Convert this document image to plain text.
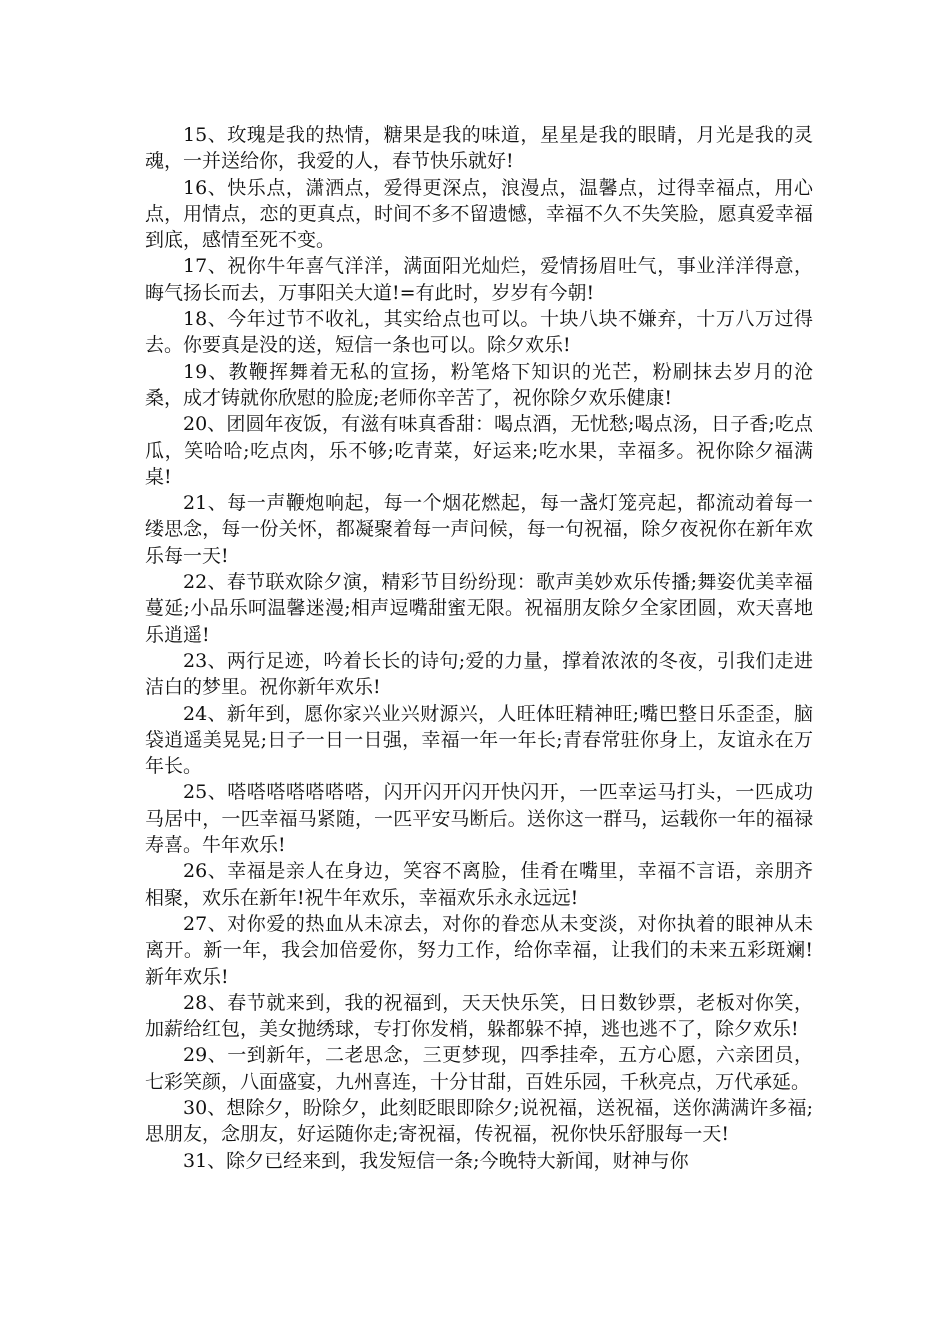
15、玫瑰是我的热情，糖果是我的味道，星星是我的眼睛，月光是我的灵魂，一并送给你，我爱的人，春节快乐就好!

16、快乐点，潇洒点，爱得更深点，浪漫点，温馨点，过得幸福点，用心点，用情点，恋的更真点，时间不多不留遗憾，幸福不久不失笑脸，愿真爱幸福到底，感情至死不变。

17、祝你牛年喜气洋洋，满面阳光灿烂，爱情扬眉吐气，事业洋洋得意，晦气扬长而去，万事阳关大道!=有此时，岁岁有今朝!

18、今年过节不收礼，其实给点也可以。十块八块不嫌弃，十万八万过得去。你要真是没的送，短信一条也可以。除夕欢乐!

19、教鞭挥舞着无私的宣扬，粉笔烙下知识的光芒，粉刷抹去岁月的沧桑，成才铸就你欣慰的脸庞;老师你辛苦了，祝你除夕欢乐健康!

20、团圆年夜饭，有滋有味真香甜：喝点酒，无忧愁;喝点汤，日子香;吃点瓜，笑哈哈;吃点肉，乐不够;吃青菜，好运来;吃水果，幸福多。祝你除夕福满桌!

21、每一声鞭炮响起，每一个烟花燃起，每一盏灯笼亮起，都流动着每一缕思念，每一份关怀，都凝聚着每一声问候，每一句祝福，除夕夜祝你在新年欢乐每一天!

22、春节联欢除夕演，精彩节目纷纷现：歌声美妙欢乐传播;舞姿优美幸福蔓延;小品乐呵温馨迷漫;相声逗嘴甜蜜无限。祝福朋友除夕全家团圆，欢天喜地乐逍遥!

23、两行足迹，吟着长长的诗句;爱的力量，撑着浓浓的冬夜，引我们走进洁白的梦里。祝你新年欢乐!

24、新年到，愿你家兴业兴财源兴，人旺体旺精神旺;嘴巴整日乐歪歪，脑袋逍遥美晃晃;日子一日一日强，幸福一年一年长;青春常驻你身上，友谊永在万年长。

25、嗒嗒嗒嗒嗒嗒嗒，闪开闪开闪开快闪开，一匹幸运马打头，一匹成功马居中，一匹幸福马紧随，一匹平安马断后。送你这一群马，运载你一年的福禄寿喜。牛年欢乐!

26、幸福是亲人在身边，笑容不离脸，佳肴在嘴里，幸福不言语，亲朋齐相聚，欢乐在新年!祝牛年欢乐，幸福欢乐永永远远!

27、对你爱的热血从未凉去，对你的眷恋从未变淡，对你执着的眼神从未离开。新一年，我会加倍爱你，努力工作，给你幸福，让我们的未来五彩斑斓!新年欢乐!

28、春节就来到，我的祝福到，天天快乐笑，日日数钞票，老板对你笑，加薪给红包，美女抛绣球，专打你发梢，躲都躲不掉，逃也逃不了，除夕欢乐!

29、一到新年，二老思念，三更梦现，四季挂牵，五方心愿，六亲团员，七彩笑颜，八面盛宴，九州喜连，十分甘甜，百姓乐园，千秋亮点，万代承延。

30、想除夕，盼除夕，此刻眨眼即除夕;说祝福，送祝福，送你满满许多福;思朋友，念朋友，好运随你走;寄祝福，传祝福，祝你快乐舒服每一天!

31、除夕已经来到，我发短信一条;今晚特大新闻，财神与你
